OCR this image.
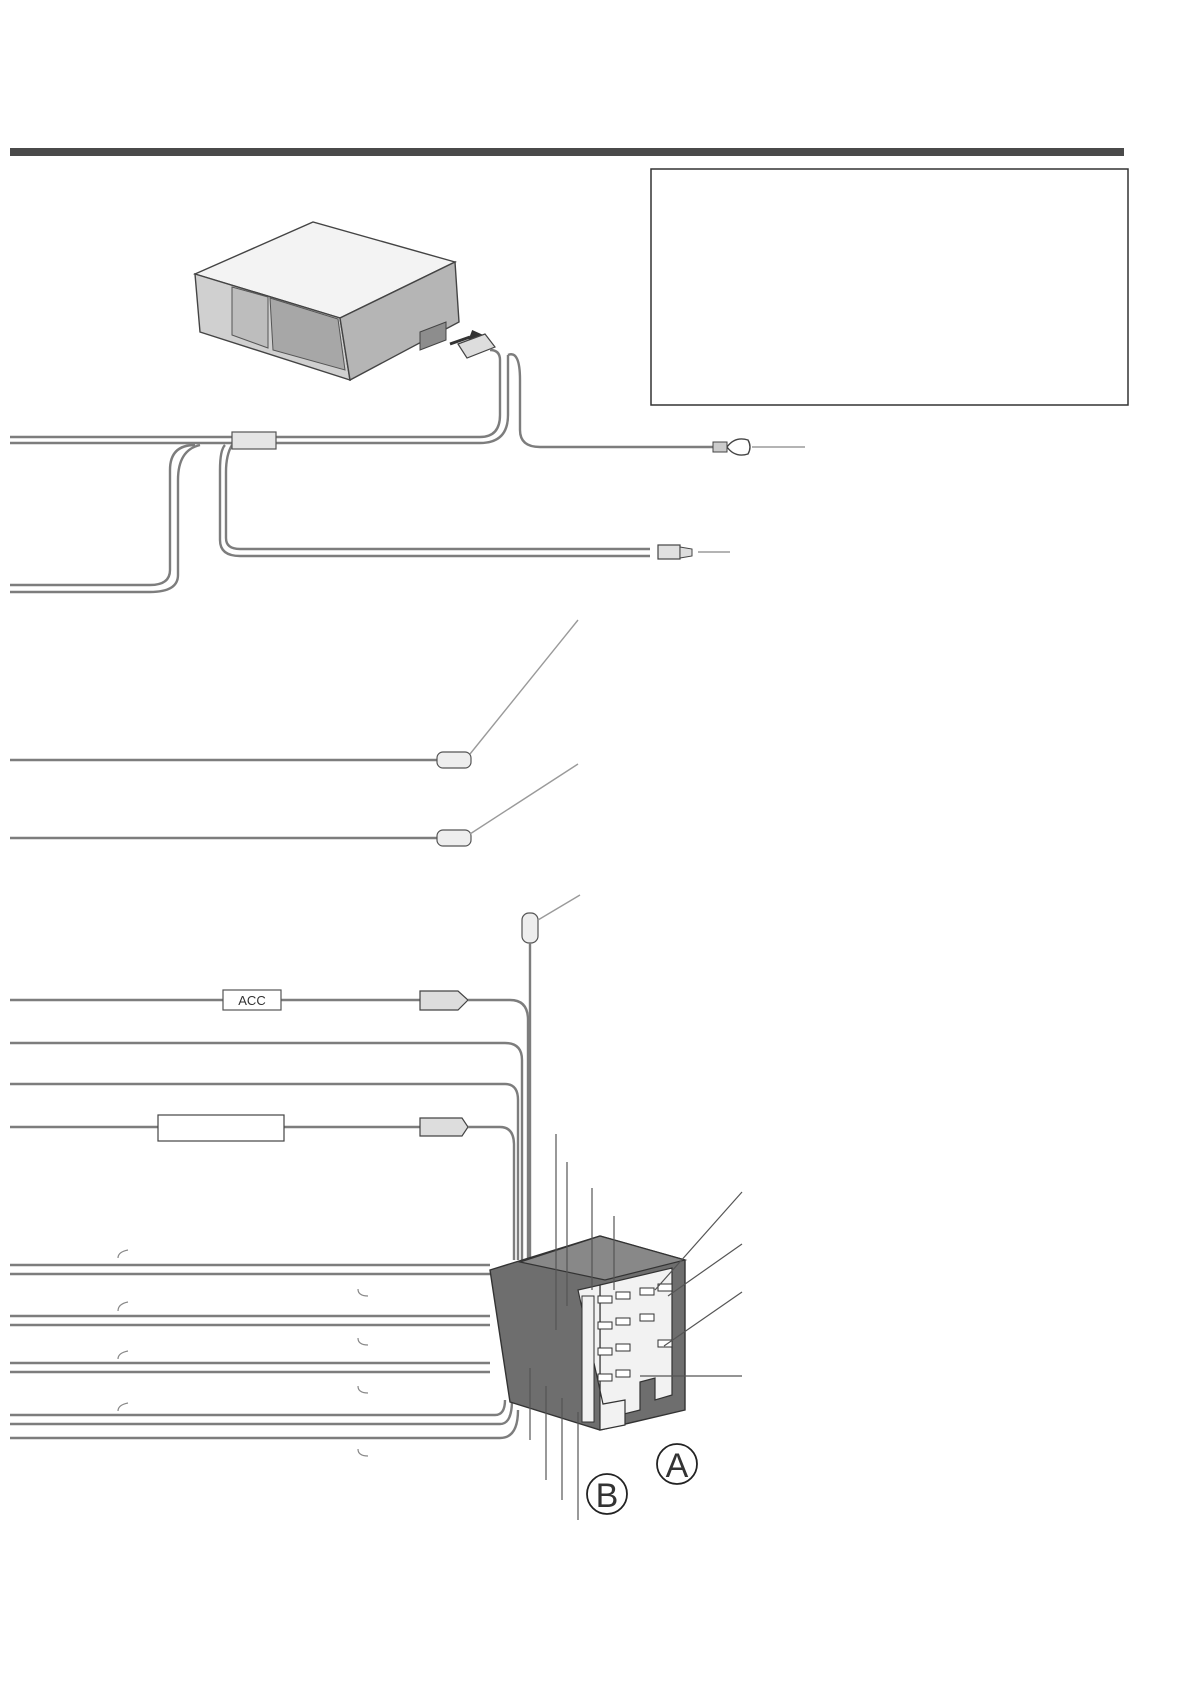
ACC
A
B
